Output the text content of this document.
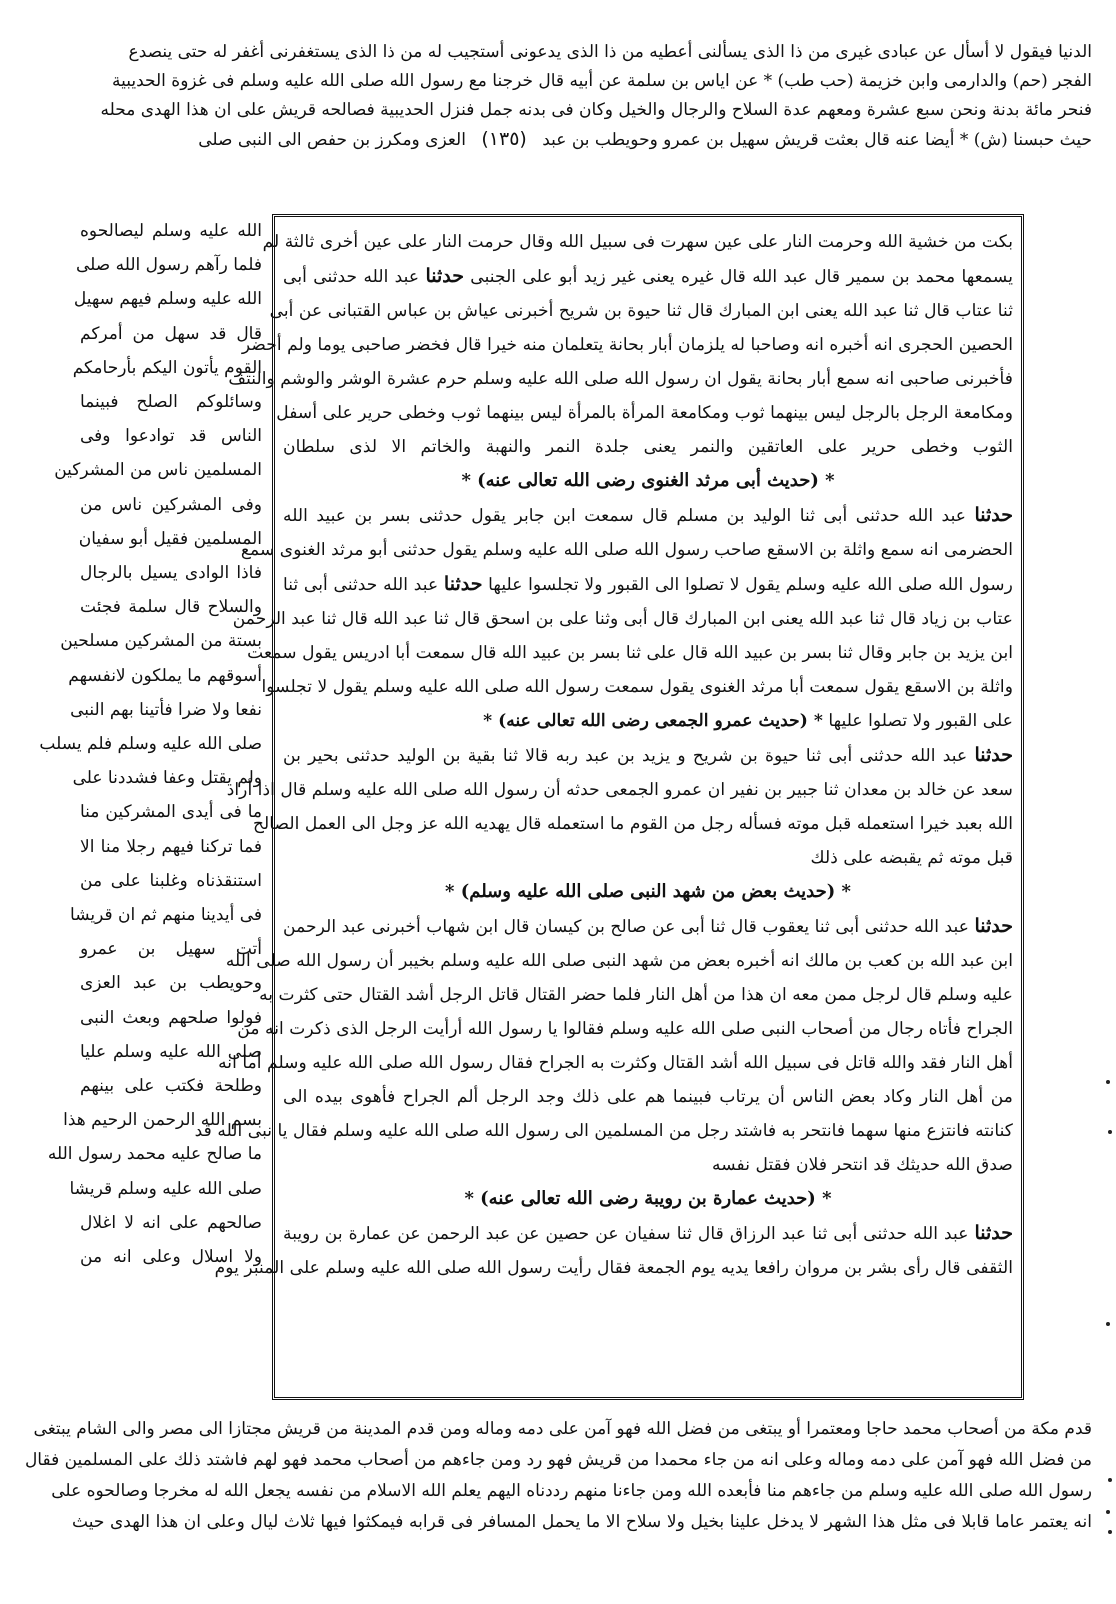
الدنيا فيقول لا أسأل عن عبادى غيرى من ذا الذى يسألنى أعطيه من ذا الذى يدعونى أستجيب له من ذا الذى يستغفرنى أغفر له حتى ينصدع
الفجر (حم) والدارمى وابن خزيمة (حب طب) * عن اياس بن سلمة عن أبيه قال خرجنا مع رسول الله صلى الله عليه وسلم فى غزوة الحديبية
فنحر مائة بدنة ونحن سبع عشرة ومعهم عدة السلاح والرجال والخيل وكان فى بدنه جمل فنزل الحديبية فصالحه قريش على ان هذا الهدى محله
حيث حبسنا (ش) * أيضا عنه قال بعثت قريش سهيل بن عمرو وحويطب بن عبد (١٣٥) العزى ومكرز بن حفص الى النبى صلى
الله عليه وسلم ليصالحوه
فلما رآهم رسول الله صلى
الله عليه وسلم فيهم سهيل
قال قد سهل من أمركم
القوم يأتون اليكم بأرحامكم
وسائلوكم الصلح فبينما
الناس قد توادعوا وفى
المسلمين ناس من المشركين
وفى المشركين ناس من
المسلمين فقيل أبو سفيان
فاذا الوادى يسيل بالرجال
والسلاح قال سلمة فجئت
بستة من المشركين مسلحين
أسوقهم ما يملكون لانفسهم
نفعا ولا ضرا فأتينا بهم النبى
صلى الله عليه وسلم فلم يسلب
ولم يقتل وعفا فشددنا على
ما فى أيدى المشركين منا
فما تركنا فيهم رجلا منا الا
استنقذناه وغلبنا على من
فى أيدينا منهم ثم ان قريشا
أتت سهيل بن عمرو
وحويطب بن عبد العزى
فولوا صلحهم وبعث النبى
صلى الله عليه وسلم عليا
وطلحة فكتب على بينهم
بسم الله الرحمن الرحيم هذا
ما صالح عليه محمد رسول الله
صلى الله عليه وسلم قريشا
صالحهم على انه لا اغلال
ولا اسلال وعلى انه من
بكت من خشية الله وحرمت النار على عين سهرت فى سبيل الله وقال حرمت النار على عين أخرى ثالثة لم
يسمعها محمد بن سمير قال عبد الله قال غيره يعنى غير زيد أبو على الجنبى حدثنا عبد الله حدثنى أبى
ثنا عتاب قال ثنا عبد الله يعنى ابن المبارك قال ثنا حيوة بن شريح أخبرنى عياش بن عباس القتبانى عن أبى
الحصين الحجرى انه أخبره انه وصاحبا له يلزمان أبار بحانة يتعلمان منه خيرا قال فخضر صاحبى يوما ولم أحضر
فأخبرنى صاحبى انه سمع أبار بحانة يقول ان رسول الله صلى الله عليه وسلم حرم عشرة الوشر والوشم والنتف
ومكامعة الرجل بالرجل ليس بينهما ثوب ومكامعة المرأة بالمرأة ليس بينهما ثوب وخطى حرير على أسفل
الثوب وخطى حرير على العاتقين والنمر يعنى جلدة النمر والنهبة والخاتم الا لذى سلطان
* (حديث أبى مرثد الغنوى رضى الله تعالى عنه) *
حدثنا عبد الله حدثنى أبى ثنا الوليد بن مسلم قال سمعت ابن جابر يقول حدثنى بسر بن عبيد الله
الحضرمى انه سمع واثلة بن الاسقع صاحب رسول الله صلى الله عليه وسلم يقول حدثنى أبو مرثد الغنوى سمع
رسول الله صلى الله عليه وسلم يقول لا تصلوا الى القبور ولا تجلسوا عليها حدثنا عبد الله حدثنى أبى ثنا
عتاب بن زياد قال ثنا عبد الله يعنى ابن المبارك قال أبى وثنا على بن اسحق قال ثنا عبد الله قال ثنا عبد الرحمن
ابن يزيد بن جابر وقال ثنا بسر بن عبيد الله قال على ثنا بسر بن عبيد الله قال سمعت أبا ادريس يقول سمعت
واثلة بن الاسقع يقول سمعت أبا مرثد الغنوى يقول سمعت رسول الله صلى الله عليه وسلم يقول لا تجلسوا
على القبور ولا تصلوا عليها * (حديث عمرو الجمعى رضى الله تعالى عنه) *
حدثنا عبد الله حدثنى أبى ثنا حيوة بن شريح و يزيد بن عبد ربه قالا ثنا بقية بن الوليد حدثنى بحير بن
سعد عن خالد بن معدان ثنا جبير بن نفير ان عمرو الجمعى حدثه أن رسول الله صلى الله عليه وسلم قال اذا أراد
الله بعبد خيرا استعمله قبل موته فسأله رجل من القوم ما استعمله قال يهديه الله عز وجل الى العمل الصالح
قبل موته ثم يقبضه على ذلك
* (حديث بعض من شهد النبى صلى الله عليه وسلم) *
حدثنا عبد الله حدثنى أبى ثنا يعقوب قال ثنا أبى عن صالح بن كيسان قال ابن شهاب أخبرنى عبد الرحمن
ابن عبد الله بن كعب بن مالك انه أخبره بعض من شهد النبى صلى الله عليه وسلم بخيبر أن رسول الله صلى الله
عليه وسلم قال لرجل ممن معه ان هذا من أهل النار فلما حضر القتال قاتل الرجل أشد القتال حتى كثرت به
الجراح فأتاه رجال من أصحاب النبى صلى الله عليه وسلم فقالوا يا رسول الله أرأيت الرجل الذى ذكرت انه من
أهل النار فقد والله قاتل فى سبيل الله أشد القتال وكثرت به الجراح فقال رسول الله صلى الله عليه وسلم أما انه
من أهل النار وكاد بعض الناس أن يرتاب فبينما هم على ذلك وجد الرجل ألم الجراح فأهوى بيده الى
كنانته فانتزع منها سهما فانتحر به فاشتد رجل من المسلمين الى رسول الله صلى الله عليه وسلم فقال يا نبى الله قد
صدق الله حديثك قد انتحر فلان فقتل نفسه
* (حديث عمارة بن رويبة رضى الله تعالى عنه) *
حدثنا عبد الله حدثنى أبى ثنا عبد الرزاق قال ثنا سفيان عن حصين عن عبد الرحمن عن عمارة بن رويبة
الثقفى قال رأى بشر بن مروان رافعا يديه يوم الجمعة فقال رأيت رسول الله صلى الله عليه وسلم على المنبر يوم
قدم مكة من أصحاب محمد حاجا ومعتمرا أو يبتغى من فضل الله فهو آمن على دمه وماله ومن قدم المدينة من قريش مجتازا الى مصر والى الشام يبتغى
من فضل الله فهو آمن على دمه وماله وعلى انه من جاء محمدا من قريش فهو رد ومن جاءهم من أصحاب محمد فهو لهم فاشتد ذلك على المسلمين فقال
رسول الله صلى الله عليه وسلم من جاءهم منا فأبعده الله ومن جاءنا منهم رددناه اليهم يعلم الله الاسلام من نفسه يجعل الله له مخرجا وصالحوه على
انه يعتمر عاما قابلا فى مثل هذا الشهر لا يدخل علينا بخيل ولا سلاح الا ما يحمل المسافر فى قرابه فيمكثوا فيها ثلاث ليال وعلى ان هذا الهدى حيث
